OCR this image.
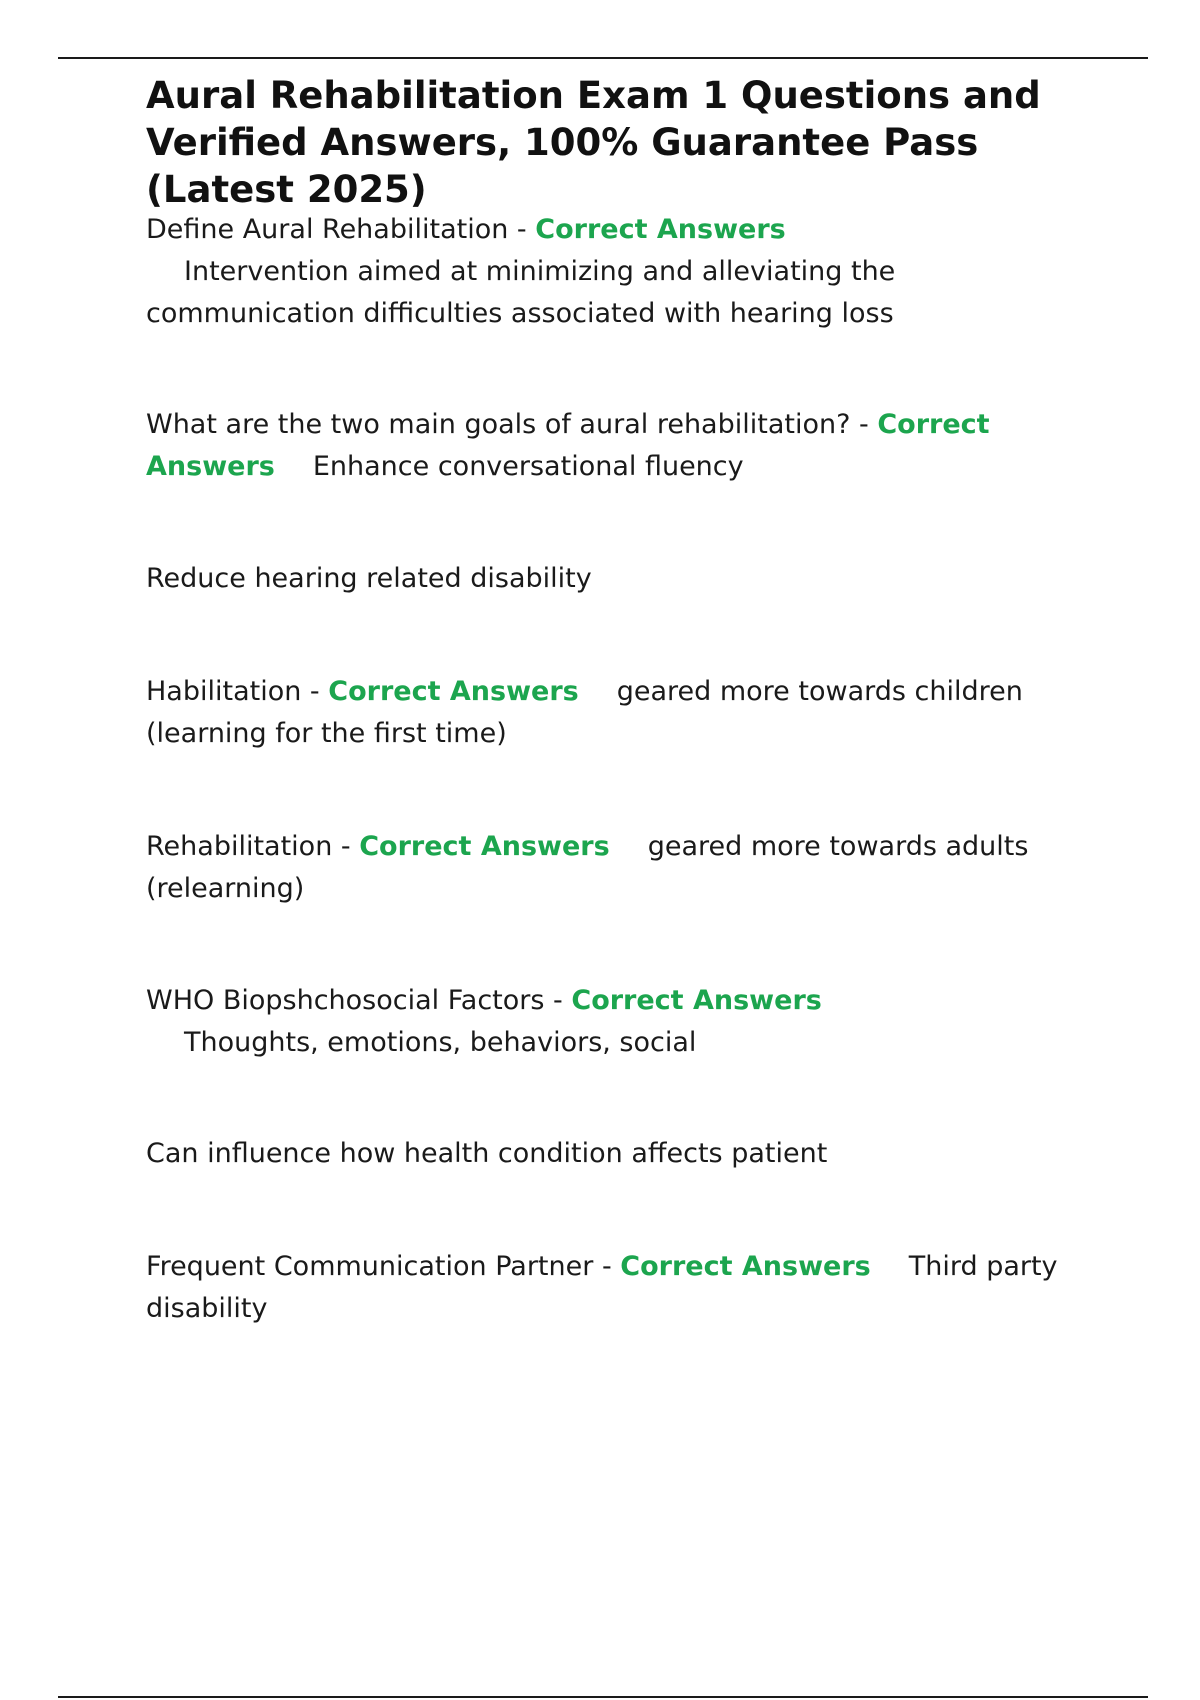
Aural Rehabilitation Exam 1 Questions and Verified Answers, 100% Guarantee Pass (Latest 2025)

Define Aural Rehabilitation - Correct Answers
Intervention aimed at minimizing and alleviating the communication difficulties associated with hearing loss

What are the two main goals of aural rehabilitation? - Correct Answers Enhance conversational fluency

Reduce hearing related disability

Habilitation - Correct Answers geared more towards children (learning for the first time)

Rehabilitation - Correct Answers geared more towards adults (relearning)

WHO Biopshchosocial Factors - Correct Answers
Thoughts, emotions, behaviors, social

Can influence how health condition affects patient

Frequent Communication Partner - Correct Answers Third party disability
